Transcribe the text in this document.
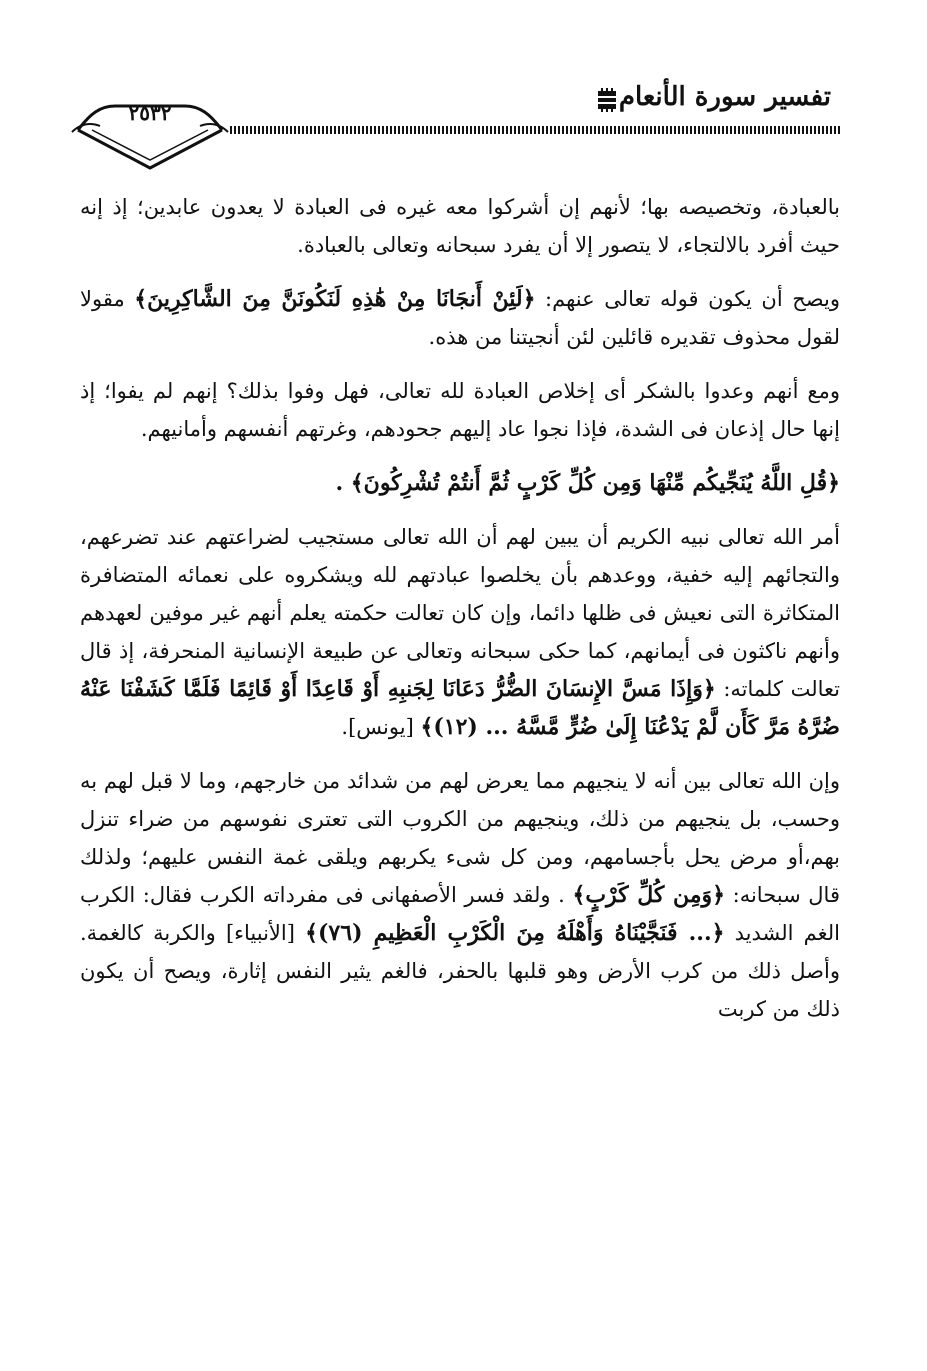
تفسير سورة الأنعام
٢٥٣٢

بالعبادة، وتخصيصه بها؛ لأنهم إن أشركوا معه غيره فى العبادة لا يعدون عابدين؛ إذ إنه حيث أفرد بالالتجاء، لا يتصور إلا أن يفرد سبحانه وتعالى بالعبادة.

ويصح أن يكون قوله تعالى عنهم: ﴿لَئِنْ أَنجَانَا مِنْ هَٰذِهِ لَنَكُونَنَّ مِنَ الشَّاكِرِينَ﴾ مقولا لقول محذوف تقديره قائلين لئن أنجيتنا من هذه.

ومع أنهم وعدوا بالشكر أى إخلاص العبادة لله تعالى، فهل وفوا بذلك؟ إنهم لم يفوا؛ إذ إنها حال إذعان فى الشدة، فإذا نجوا عاد إليهم جحودهم، وغرتهم أنفسهم وأمانيهم.

﴿قُلِ اللَّهُ يُنَجِّيكُم مِّنْهَا وَمِن كُلِّ كَرْبٍ ثُمَّ أَنتُمْ تُشْرِكُونَ﴾ .

أمر الله تعالى نبيه الكريم أن يبين لهم أن الله تعالى مستجيب لضراعتهم عند تضرعهم، والتجائهم إليه خفية، ووعدهم بأن يخلصوا عبادتهم لله ويشكروه على نعمائه المتضافرة المتكاثرة التى نعيش فى ظلها دائما، وإن كان تعالت حكمته يعلم أنهم غير موفين لعهدهم وأنهم ناكثون فى أيمانهم، كما حكى سبحانه وتعالى عن طبيعة الإنسانية المنحرفة، إذ قال تعالت كلماته: ﴿وَإِذَا مَسَّ الإِنسَانَ الضُّرُّ دَعَانَا لِجَنبِهِ أَوْ قَاعِدًا أَوْ قَائِمًا فَلَمَّا كَشَفْنَا عَنْهُ ضُرَّهُ مَرَّ كَأَن لَّمْ يَدْعُنَا إِلَىٰ ضُرٍّ مَّسَّهُ ... (١٢)﴾ [يونس].

وإن الله تعالى بين أنه لا ينجيهم مما يعرض لهم من شدائد من خارجهم، وما لا قبل لهم به وحسب، بل ينجيهم من ذلك، وينجيهم من الكروب التى تعترى نفوسهم من ضراء تنزل بهم،أو مرض يحل بأجسامهم، ومن كل شىء يكربهم ويلقى غمة النفس عليهم؛ ولذلك قال سبحانه: ﴿وَمِن كُلِّ كَرْبٍ﴾ . ولقد فسر الأصفهانى فى مفرداته الكرب فقال: الكرب الغم الشديد ﴿... فَنَجَّيْنَاهُ وَأَهْلَهُ مِنَ الْكَرْبِ الْعَظِيمِ (٧٦)﴾ [الأنبياء] والكربة كالغمة. وأصل ذلك من كرب الأرض وهو قلبها بالحفر، فالغم يثير النفس إثارة، ويصح أن يكون ذلك من كربت
